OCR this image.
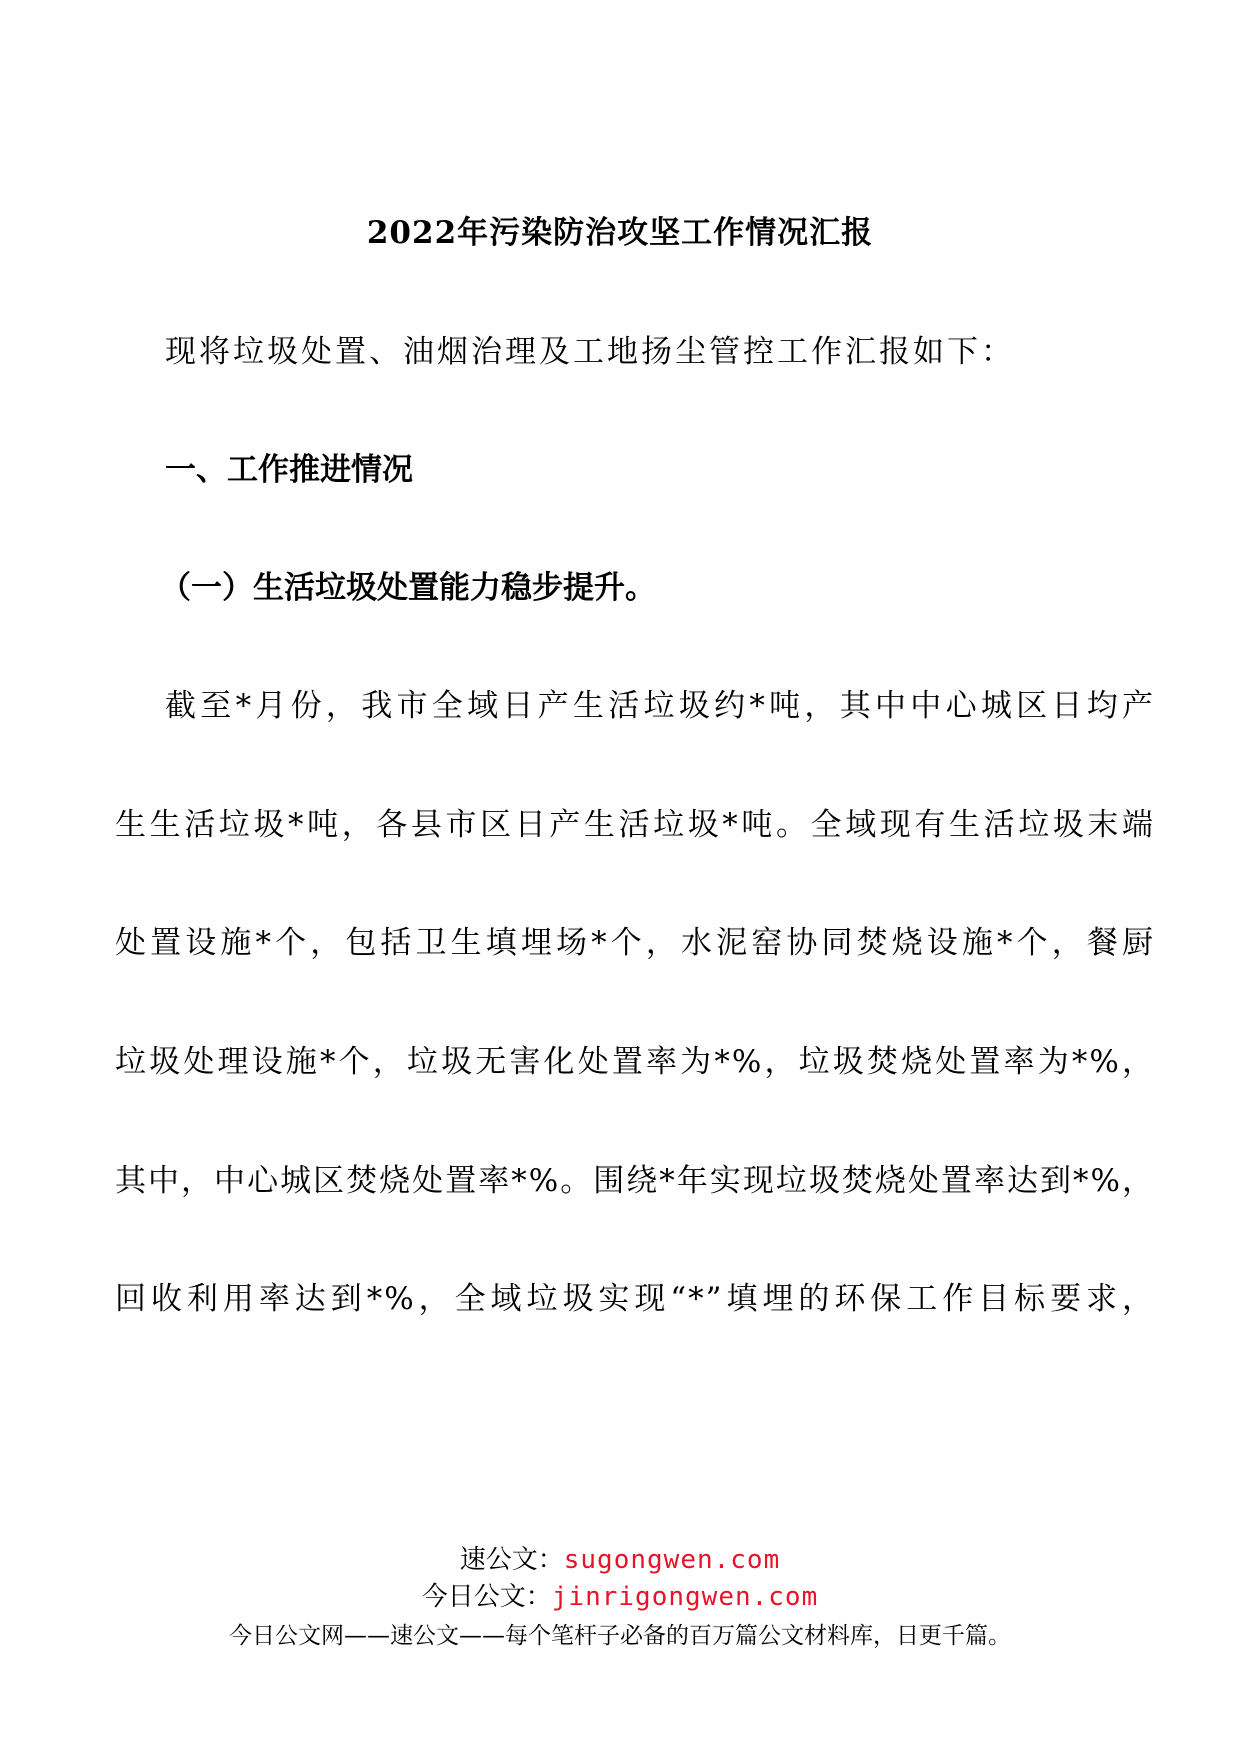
2022年污染防治攻坚工作情况汇报
现将垃圾处置、油烟治理及工地扬尘管控工作汇报如下：
一、工作推进情况
（一）生活垃圾处置能力稳步提升。
截至*月份，我市全域日产生活垃圾约*吨，其中中心城区日均产
生生活垃圾*吨，各县市区日产生活垃圾*吨。全域现有生活垃圾末端
处置设施*个，包括卫生填埋场*个，水泥窑协同焚烧设施*个，餐厨
垃圾处理设施*个，垃圾无害化处置率为*%，垃圾焚烧处置率为*%，
其中，中心城区焚烧处置率*%。围绕*年实现垃圾焚烧处置率达到*%，
回收利用率达到*%，全域垃圾实现“*”填埋的环保工作目标要求，
速公文：sugongwen.com
今日公文：jinrigongwen.com
今日公文网——速公文——每个笔杆子必备的百万篇公文材料库，日更千篇。
